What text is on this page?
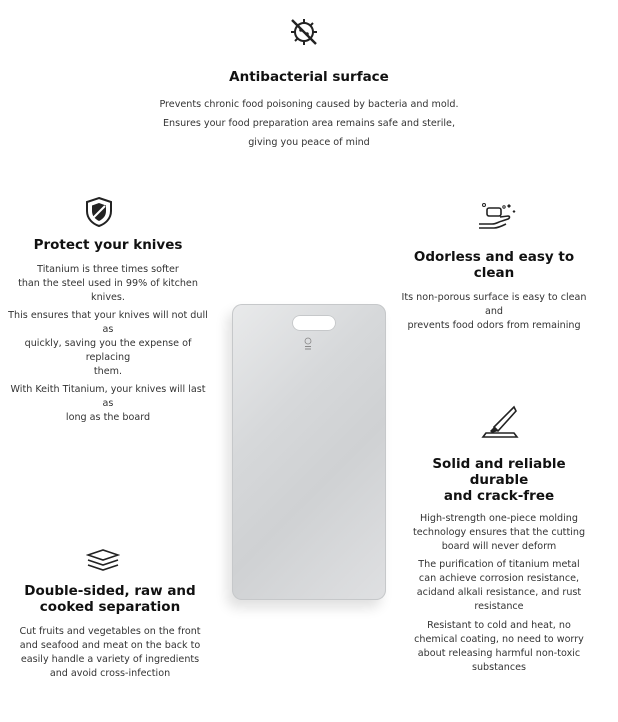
Antibacterial surface

Prevents chronic food poisoning caused by bacteria and mold.

Ensures your food preparation area remains safe and sterile,

giving you peace of mind

Protect your knives

Titanium is three times softer

than the steel used in 99% of kitchen knives.

This ensures that your knives will not dull as

quickly, saving you the expense of replacing

them.

With Keith Titanium, your knives will last as

long as the board

Odorless and easy to clean

Its non-porous surface is easy to clean and

prevents food odors from remaining

Solid and reliable durable
and crack-free

High-strength one-piece molding

technology ensures that the cutting

board will never deform

The purification of titanium metal

can achieve corrosion resistance,

acidand alkali resistance, and rust

resistance

Resistant to cold and heat, no

chemical coating, no need to worry

about releasing harmful non-toxic

substances

Double-sided, raw and
cooked separation

Cut fruits and vegetables on the front

and seafood and meat on the back to

easily handle a variety of ingredients

and avoid cross-infection
